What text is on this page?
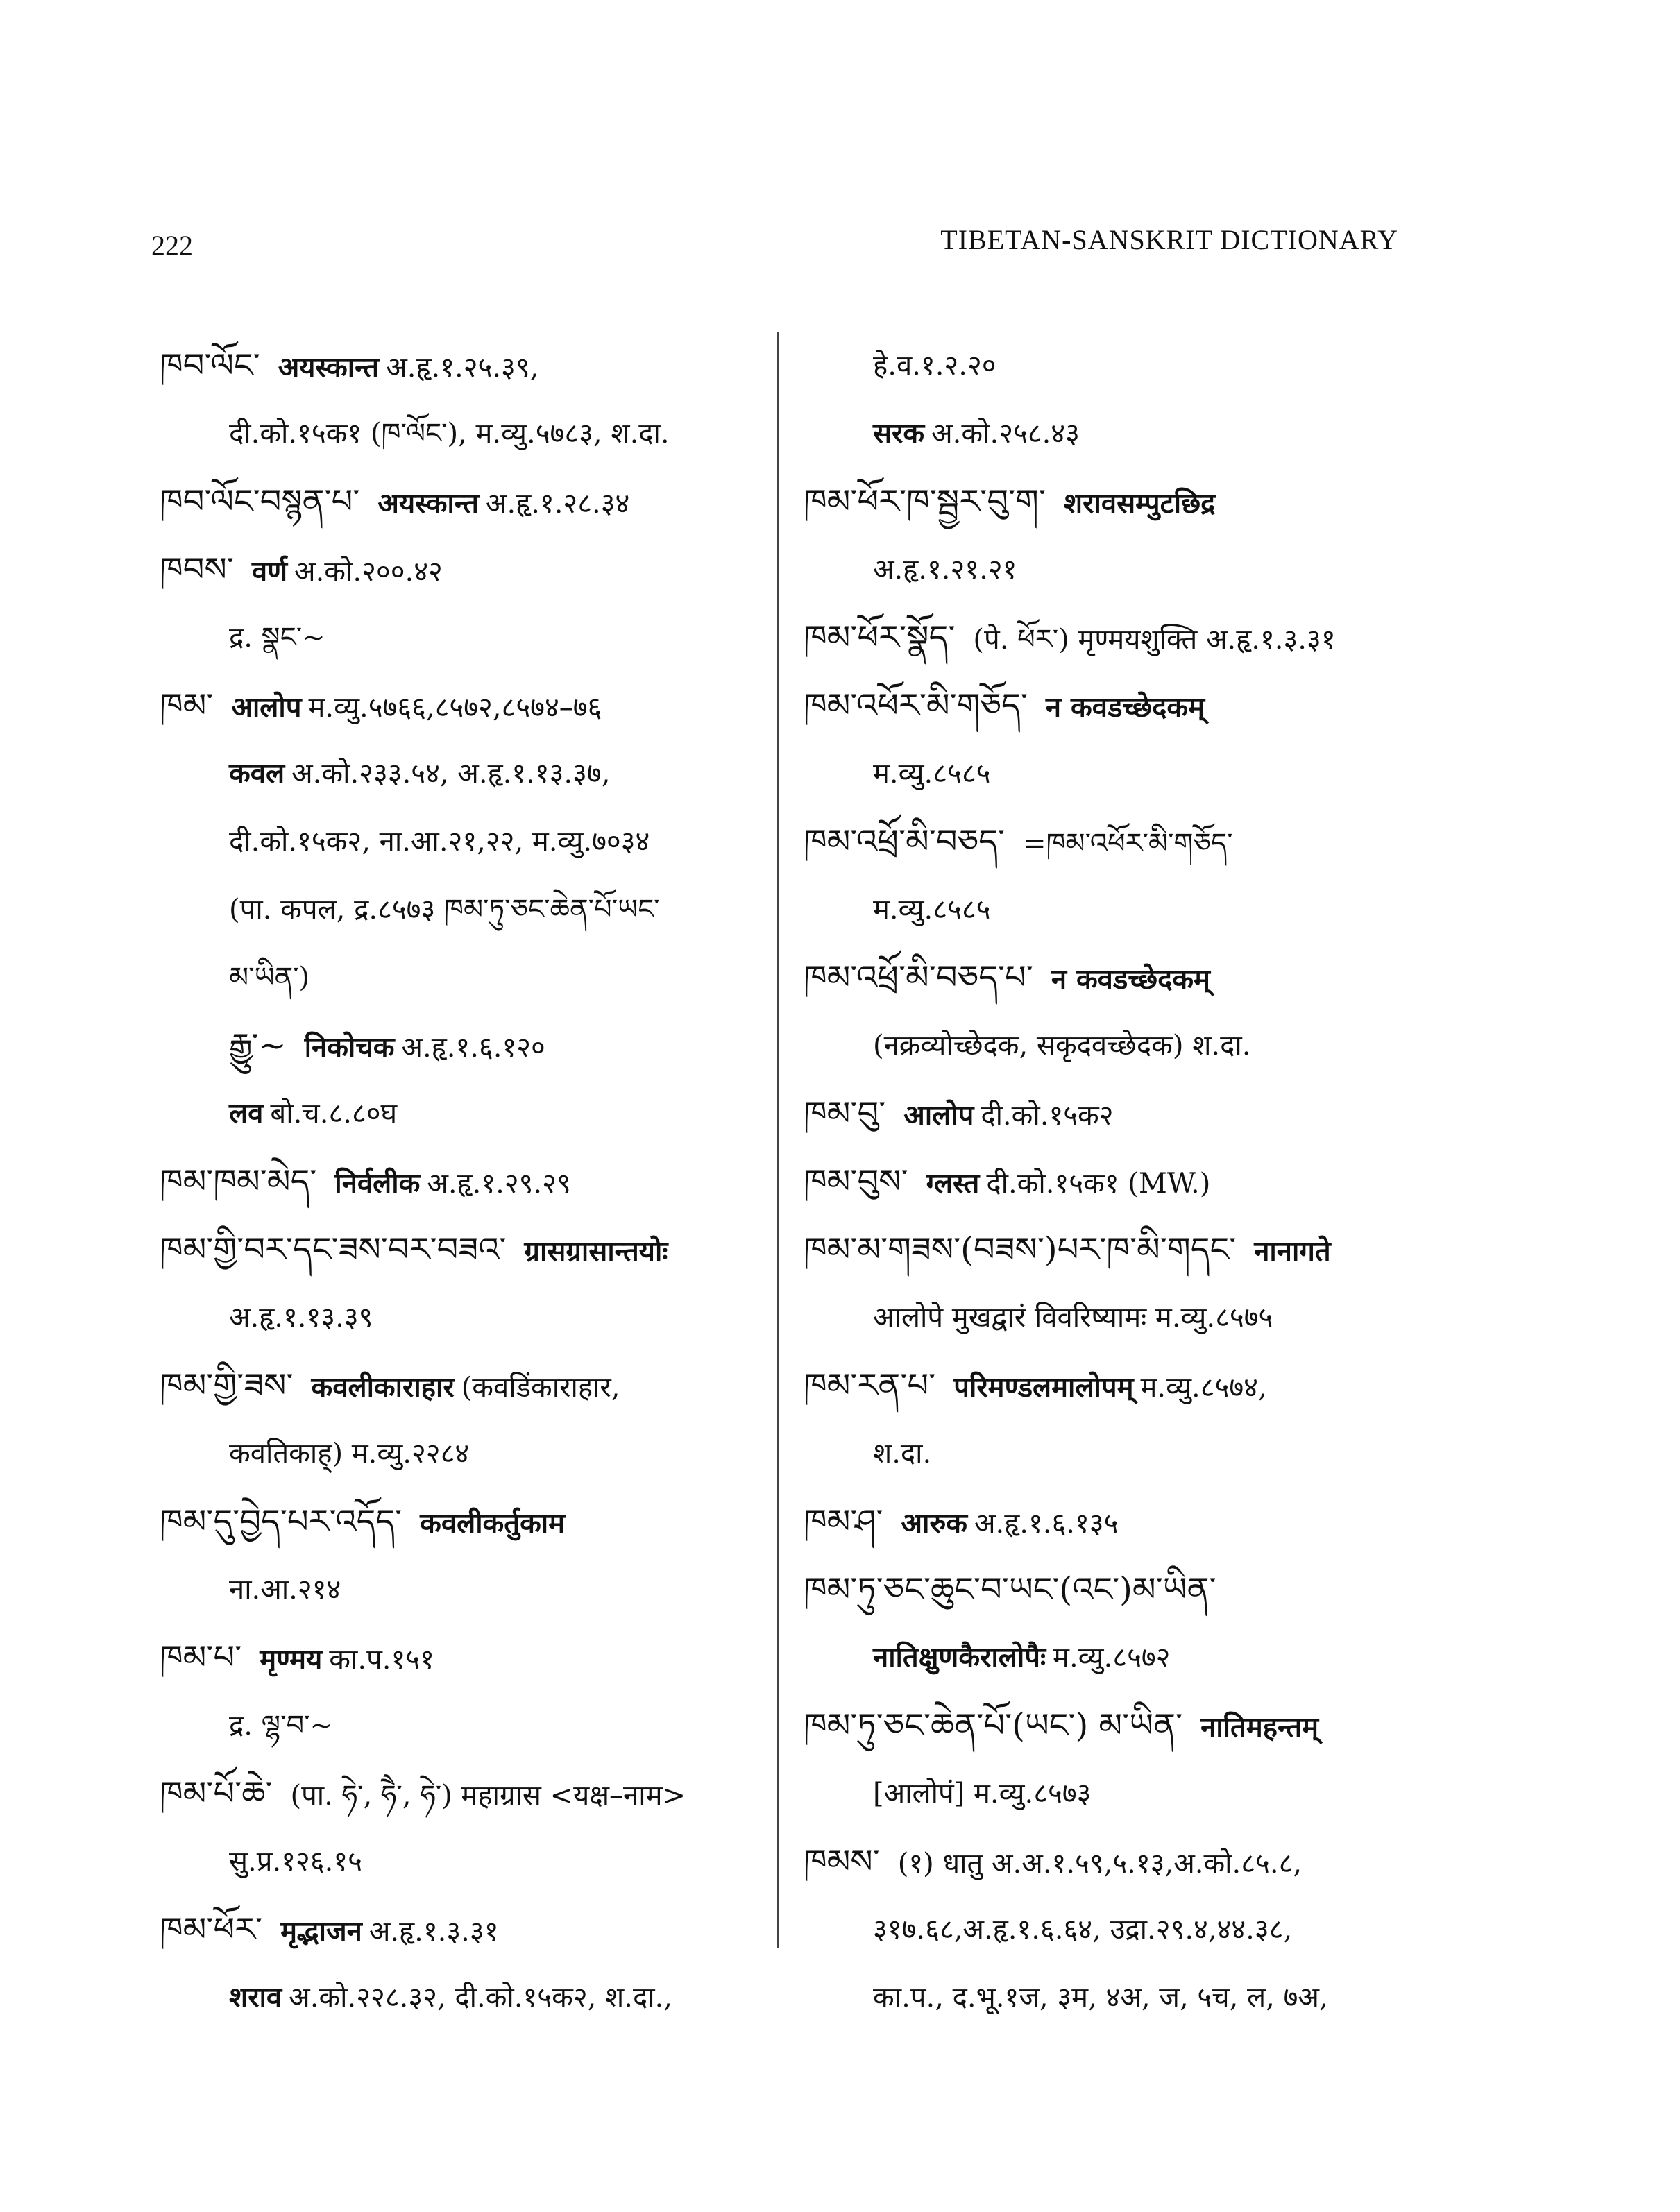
222	TIBETAN-SANSKRIT DICTIONARY
ཁབ་ལོང་ अयस्कान्त अ.हृ.१.२५.३९,
दी.को.१५क१ (ཁ་ལོང་), म.व्यु.५७८३, श.दा.
ཁབ་ལོང་བསྙན་པ་ अयस्कान्त अ.हृ.१.२८.३४
ཁབས་ वर्ण अ.को.२००.४२
द्र. སྣང་~
ཁམ་ आलोप म.व्यु.५७६६,८५७२,८५७४–७६
कवल अ.को.२३३.५४, अ.हृ.१.१३.३७,
दी.को.१५क२, ना.आ.२१,२२, म.व्यु.७०३४
(पा. कपल, द्र.८५७३ ཁམ་ཏུ་ཅང་ཆེན་པོ་ཡང་
མ་ཡིན་)
རྒྱུ་~ निकोचक अ.हृ.१.६.१२०
लव बो.च.८.८०घ
ཁམ་ཁམ་མེད་ निर्वलीक अ.हृ.१.२९.२९
ཁམ་གྱི་བར་དང་ཟས་བར་བཟའ་ ग्रासग्रासान्तयोः
अ.हृ.१.१३.३९
ཁམ་གྱི་ཟས་ कवलीकाराहार (कवडिंकाराहार,
कवतिकाह्) म.व्यु.२२८४
ཁམ་དུ་བྱེད་པར་འདོད་ कवलीकर्तुकाम
ना.आ.२१४
ཁམ་པ་ मृण्मय का.प.१५१
द्र. ལྷ་བ་~
ཁམ་པོ་ཆེ་ (पा. ཧེ་, ཧཻ་, ཧེ་) महाग्रास <यक्ष–नाम>
सु.प्र.१२६.१५
ཁམ་ཕོར་ मृद्भाजन अ.हृ.१.३.३१
शराव अ.को.२२८.३२, दी.को.१५क२, श.दा.,
हे.व.१.२.२०
सरक अ.को.२५८.४३
ཁམ་ཕོར་ཁ་སྦྱར་བུ་ག་ शरावसम्पुटछिद्र
अ.हृ.१.२१.२१
ཁམ་ཕོར་སྣོད་ (पे. ཕོར་) मृण्मयशुक्ति अ.हृ.१.३.३१
ཁམ་འཕོར་མི་གཅོད་ न कवडच्छेदकम्
म.व्यु.८५८५
ཁམ་འཕྲོ་མི་བཅད་ =ཁམ་འཕོར་མི་གཅོད་
म.व्यु.८५८५
ཁམ་འཕྲོ་མི་བཅད་པ་ न कवडच्छेदकम्
(नक्रव्योच्छेदक, सकृदवच्छेदक) श.दा.
ཁམ་བུ་ आलोप दी.को.१५क२
ཁམ་བུས་ ग्लस्त दी.को.१५क१ (MW.)
ཁམ་མ་གཟས་(བཟས་)པར་ཁ་མི་གདང་ नानागते
आलोपे मुखद्वारं विवरिष्यामः म.व्यु.८५७५
ཁམ་རན་པ་ परिमण्डलमालोपम् म.व्यु.८५७४,
श.दा.
ཁམ་ཤ་ आरुक अ.हृ.१.६.१३५
ཁམ་ཏུ་ཅང་ཆུང་བ་ཡང་(འང་)མ་ཡིན་
नातिक्षुणकैरालोपैः म.व्यु.८५७२
ཁམ་ཏུ་ཅང་ཆེན་པོ་(ཡང་) མ་ཡིན་ नातिमहन्तम्
[आलोपं] म.व्यु.८५७३
ཁམས་ (१) धातु अ.अ.१.५९,५.१३,अ.को.८५.८,
३१७.६८,अ.हृ.१.६.६४, उद्रा.२९.४,४४.३८,
का.प., द.भू.१ज, ३म, ४अ, ज, ५च, ल, ७अ,
